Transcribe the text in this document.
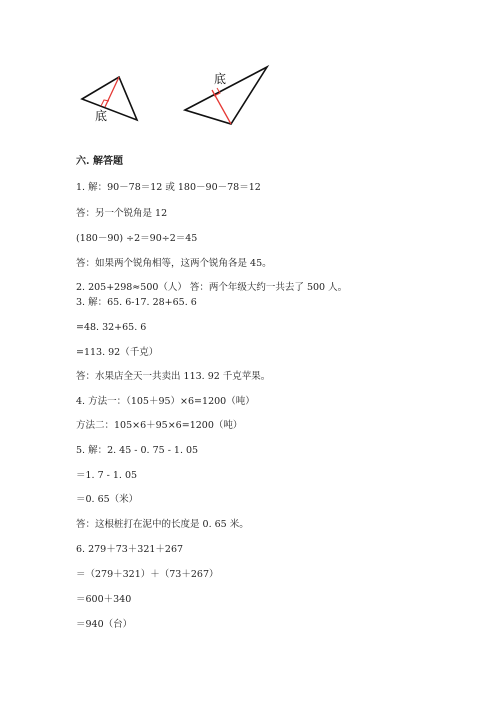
底
底
六. 解答题
1. 解：90－78＝12 或 180－90－78＝12
答：另一个锐角是 12
(180－90) ÷2＝90÷2＝45
答：如果两个锐角相等，这两个锐角各是 45。
2. 205+298≈500（人） 答：两个年级大约一共去了 500 人。
3. 解：65. 6-17. 28+65. 6
=48. 32+65. 6
=113. 92（千克）
答：水果店全天一共卖出 113. 92 千克苹果。
4. 方法一：（105＋95）×6=1200（吨）
方法二：105×6＋95×6=1200（吨）
5. 解：2. 45 - 0. 75 - 1. 05
＝1. 7 - 1. 05
＝0. 65（米）
答：这根桩打在泥中的长度是 0. 65 米。
6. 279＋73＋321＋267
＝（279＋321）＋（73＋267）
＝600＋340
＝940（台）
